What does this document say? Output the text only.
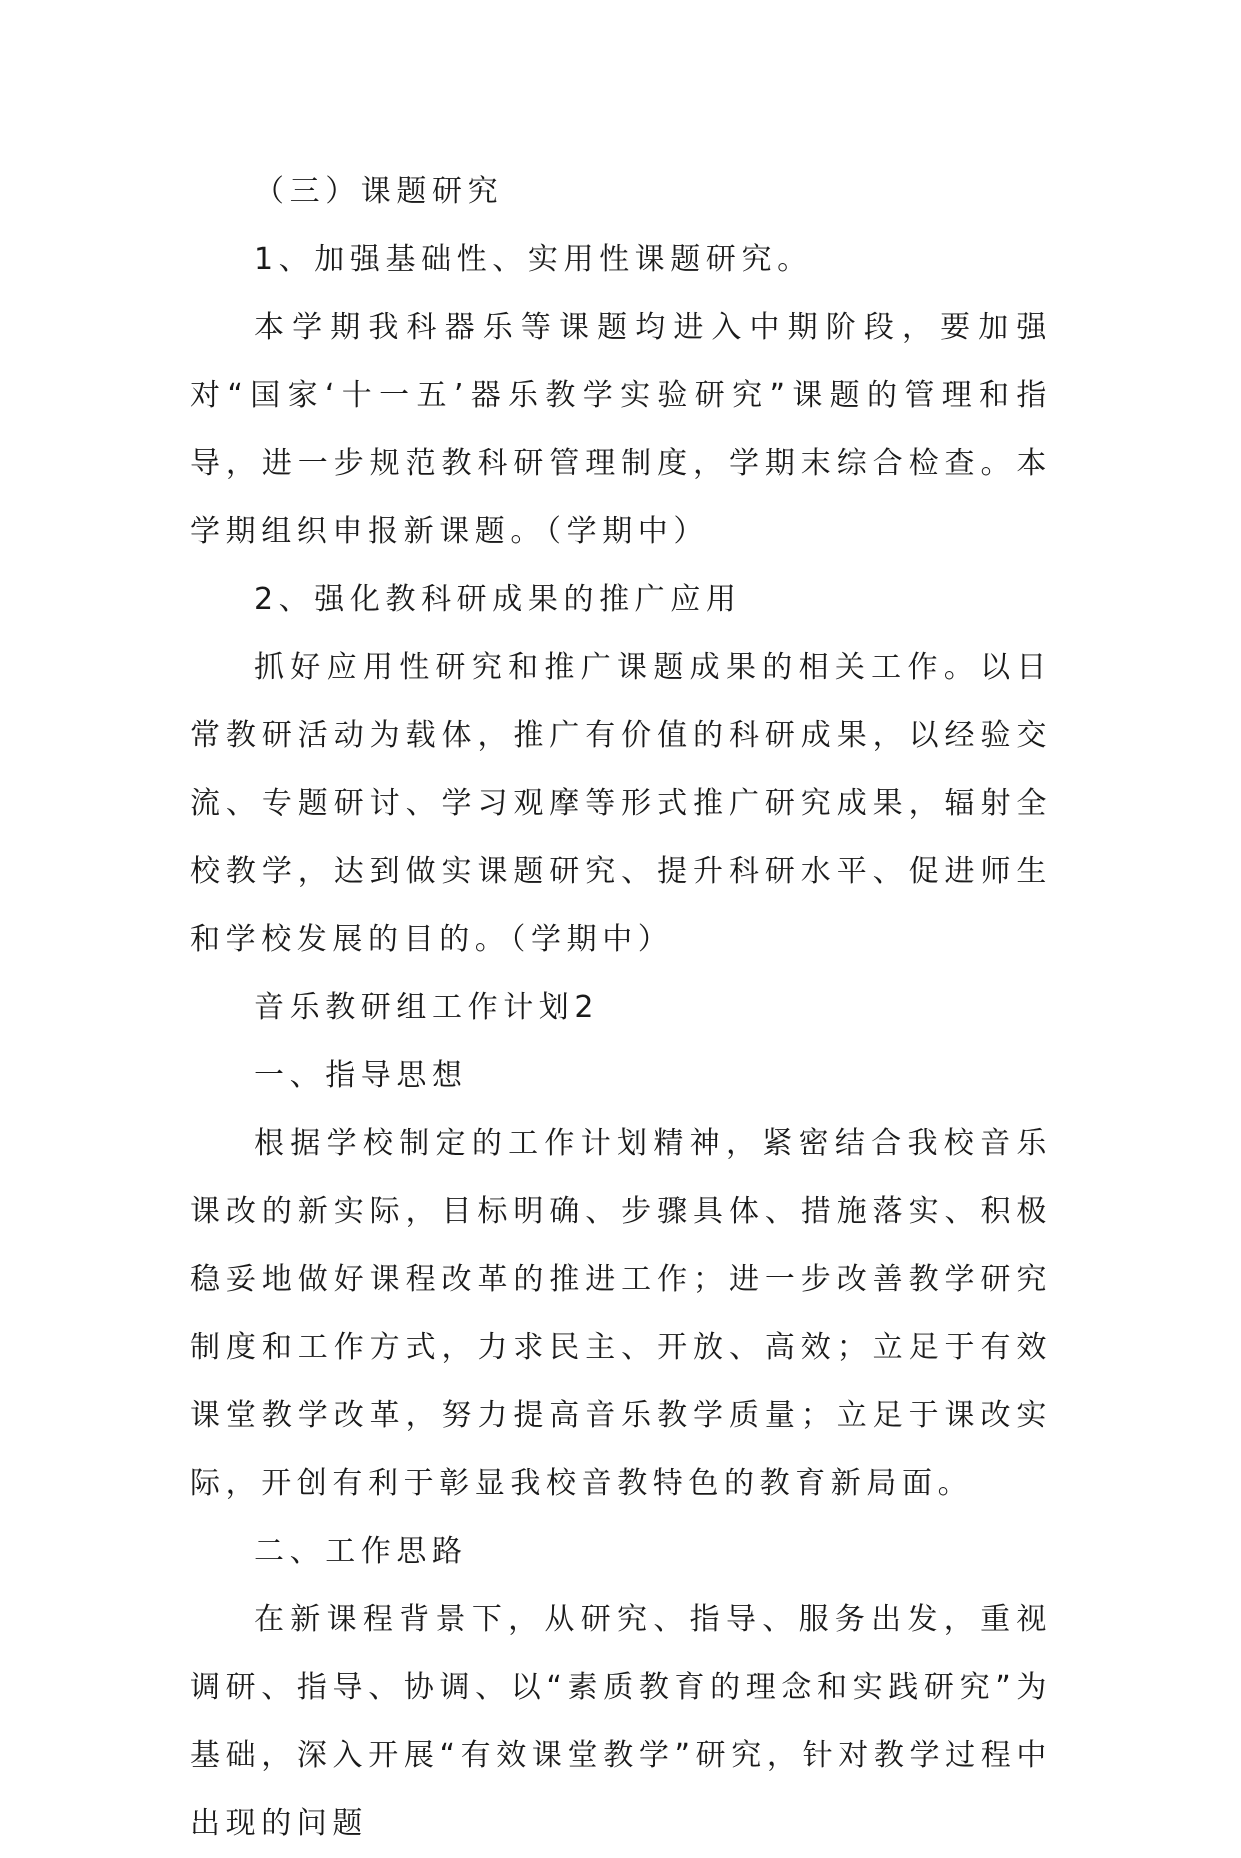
（三）课题研究

1、加强基础性、实用性课题研究。

本学期我科器乐等课题均进入中期阶段，要加强对“国家‘十一五’器乐教学实验研究”课题的管理和指导，进一步规范教科研管理制度，学期末综合检查。本学期组织申报新课题。（学期中）

2、强化教科研成果的推广应用

抓好应用性研究和推广课题成果的相关工作。以日常教研活动为载体，推广有价值的科研成果，以经验交流、专题研讨、学习观摩等形式推广研究成果，辐射全校教学，达到做实课题研究、提升科研水平、促进师生和学校发展的目的。（学期中）

音乐教研组工作计划2

一、指导思想

根据学校制定的工作计划精神，紧密结合我校音乐课改的新实际，目标明确、步骤具体、措施落实、积极稳妥地做好课程改革的推进工作；进一步改善教学研究制度和工作方式，力求民主、开放、高效；立足于有效课堂教学改革，努力提高音乐教学质量；立足于课改实际，开创有利于彰显我校音教特色的教育新局面。

二、工作思路

在新课程背景下，从研究、指导、服务出发，重视调研、指导、协调、以“素质教育的理念和实践研究”为基础，深入开展“有效课堂教学”研究，针对教学过程中出现的问题
